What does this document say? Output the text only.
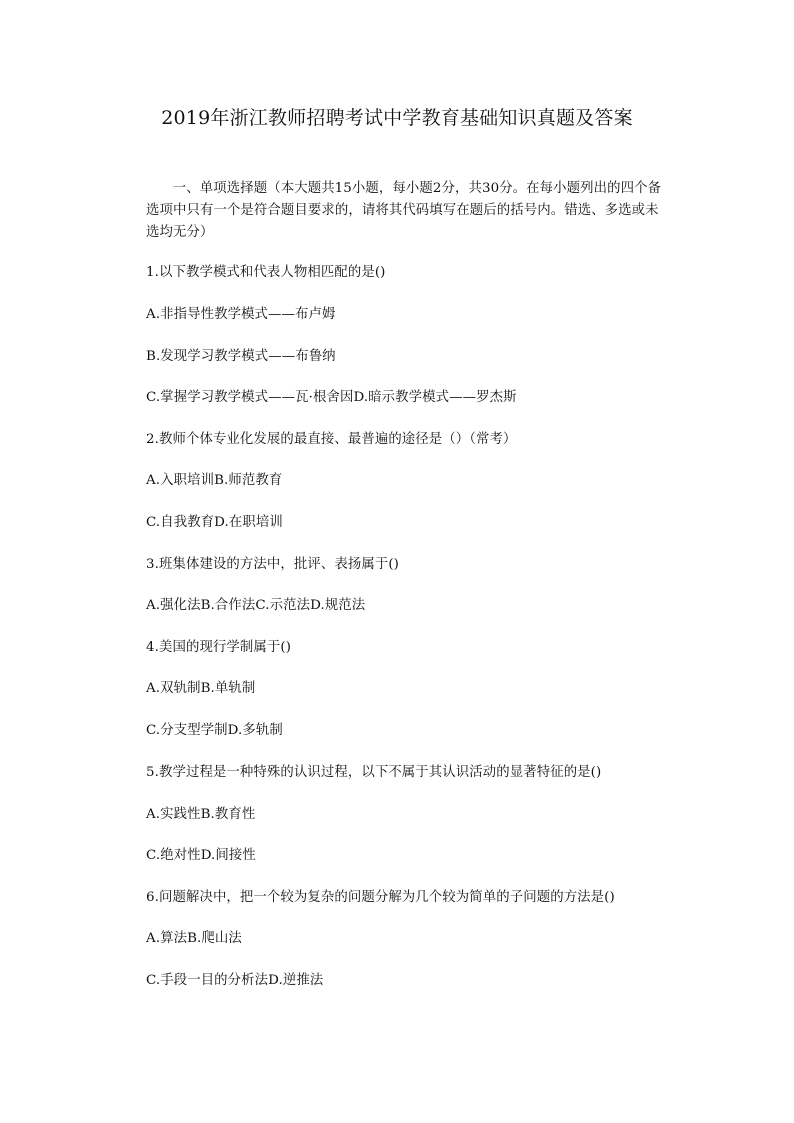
2019年浙江教师招聘考试中学教育基础知识真题及答案
一、单项选择题（本大题共15小题，每小题2分，共30分。在每小题列出的四个备选项中只有一个是符合题目要求的，请将其代码填写在题后的括号内。错选、多选或未选均无分）
1.以下教学模式和代表人物相匹配的是()
A.非指导性教学模式——布卢姆
B.发现学习教学模式——布鲁纳
C.掌握学习教学模式——瓦·根舍因D.暗示教学模式——罗杰斯
2.教师个体专业化发展的最直接、最普遍的途径是（）（常考）
A.入职培训B.师范教育
C.自我教育D.在职培训
3.班集体建设的方法中，批评、表扬属于()
A.强化法B.合作法C.示范法D.规范法
4.美国的现行学制属于()
A.双轨制B.单轨制
C.分支型学制D.多轨制
5.教学过程是一种特殊的认识过程，以下不属于其认识活动的显著特征的是()
A.实践性B.教育性
C.绝对性D.间接性
6.问题解决中，把一个较为复杂的问题分解为几个较为简单的子问题的方法是()
A.算法B.爬山法
C.手段一目的分析法D.逆推法
